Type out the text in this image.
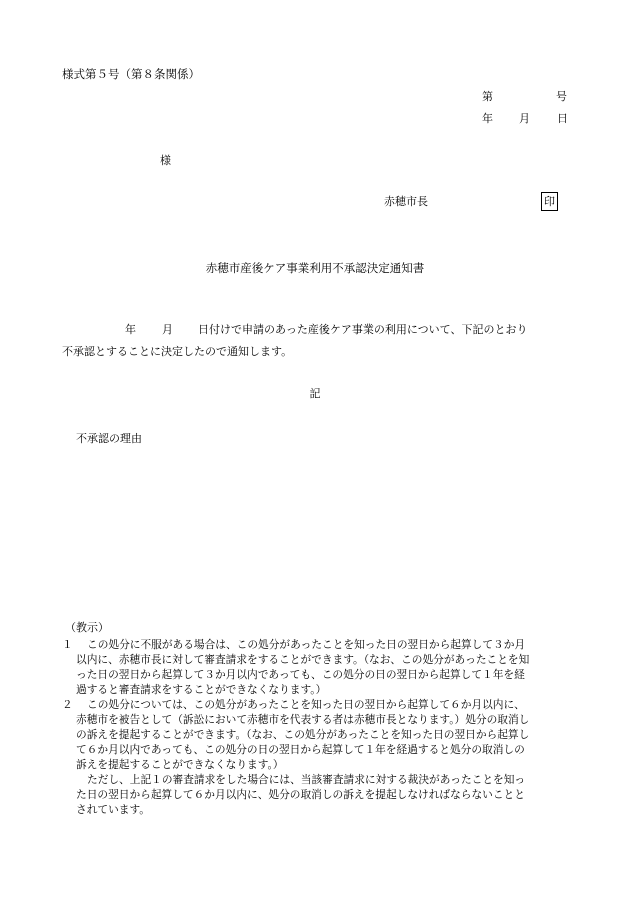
様式第５号（第８条関係）
第	号
年 月 日
様
赤穂市長	印
赤穂市産後ケア事業利用不承認決定通知書
年 月 日付けで申請のあった産後ケア事業の利用について、下記のとおり
不承認とすることに決定したので通知します。
記
不承認の理由
（教示）
１	この処分に不服がある場合は、この処分があったことを知った日の翌日から起算して３か月
以内に、赤穂市長に対して審査請求をすることができます。（なお、この処分があったことを知
った日の翌日から起算して３か月以内であっても、この処分の日の翌日から起算して１年を経
過すると審査請求をすることができなくなります。）
２	この処分については、この処分があったことを知った日の翌日から起算して６か月以内に、
赤穂市を被告として（訴訟において赤穂市を代表する者は赤穂市長となります。）処分の取消し
の訴えを提起することができます。（なお、この処分があったことを知った日の翌日から起算し
て６か月以内であっても、この処分の日の翌日から起算して１年を経過すると処分の取消しの
訴えを提起することができなくなります。）
ただし、上記１の審査請求をした場合には、当該審査請求に対する裁決があったことを知っ
た日の翌日から起算して６か月以内に、処分の取消しの訴えを提起しなければならないことと
されています。
